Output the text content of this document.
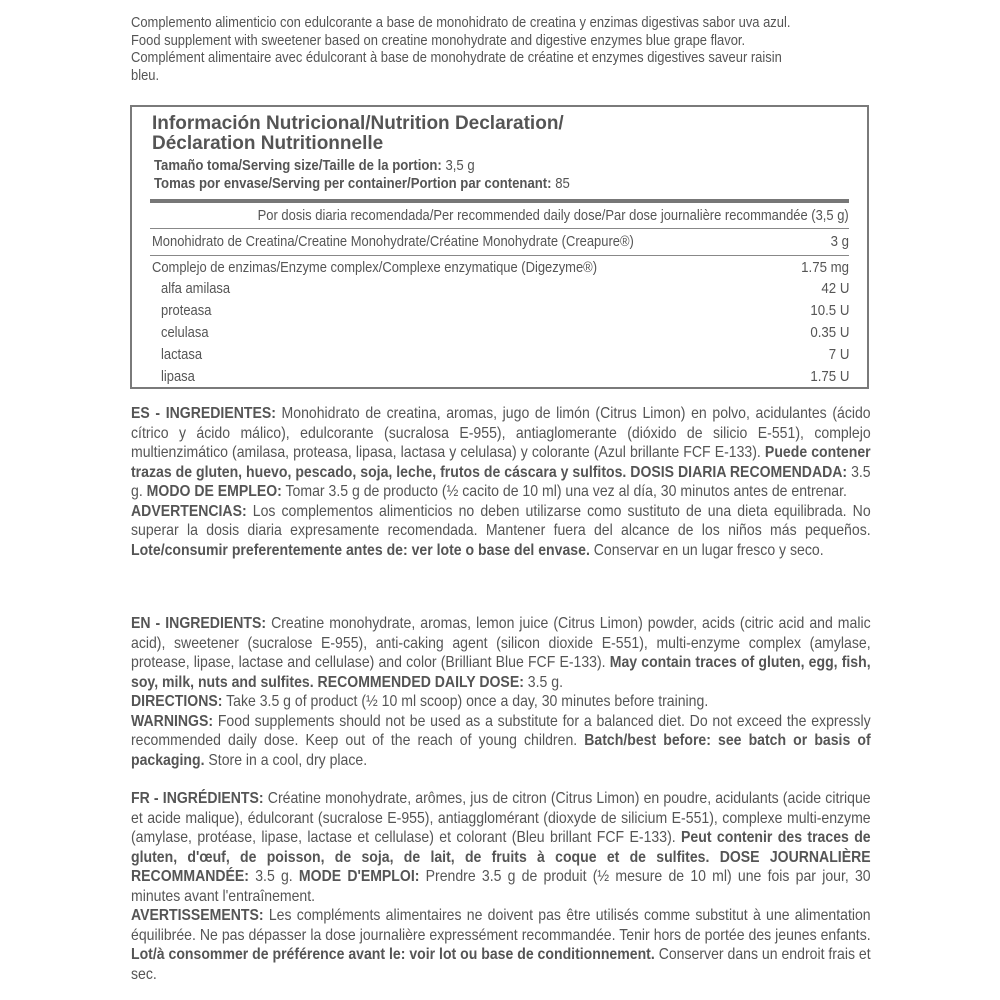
Complemento alimenticio con edulcorante a base de monohidrato de creatina y enzimas digestivas sabor uva azul.
Food supplement with sweetener based on creatine monohydrate and digestive enzymes blue grape flavor.
Complément alimentaire avec édulcorant à base de monohydrate de créatine et enzymes digestives saveur raisin
bleu.
Información Nutricional/Nutrition Declaration/
Déclaration Nutritionnelle
Tamaño toma/Serving size/Taille de la portion: 3,5 g
Tomas por envase/Serving per container/Portion par contenant: 85
Por dosis diaria recomendada/Per recommended daily dose/Par dose journalière recommandée (3,5 g)
Monohidrato de Creatina/Creatine Monohydrate/Créatine Monohydrate (Creapure®)	3 g
Complejo de enzimas/Enzyme complex/Complexe enzymatique (Digezyme®)	1.75 mg
alfa amilasa	42 U
proteasa	10.5 U
celulasa	0.35 U
lactasa	7 U
lipasa	1.75 U

ES - INGREDIENTES: Monohidrato de creatina, aromas, jugo de limón (Citrus Limon) en polvo, acidulantes (ácido cítrico y ácido málico), edulcorante (sucralosa E-955), antiaglomerante (dióxido de silicio E-551), complejo multienzimático (amilasa, proteasa, lipasa, lactasa y celulasa) y colorante (Azul brillante FCF E-133). Puede contener trazas de gluten, huevo, pescado, soja, leche, frutos de cáscara y sulfitos. DOSIS DIARIA RECOMENDADA: 3.5 g. MODO DE EMPLEO: Tomar 3.5 g de producto (½ cacito de 10 ml) una vez al día, 30 minutos antes de entrenar.

ADVERTENCIAS: Los complementos alimenticios no deben utilizarse como sustituto de una dieta equilibrada. No superar la dosis diaria expresamente recomendada. Mantener fuera del alcance de los niños más pequeños. Lote/consumir preferentemente antes de: ver lote o base del envase. Conservar en un lugar fresco y seco.

EN - INGREDIENTS: Creatine monohydrate, aromas, lemon juice (Citrus Limon) powder, acids (citric acid and malic acid), sweetener (sucralose E-955), anti-caking agent (silicon dioxide E-551), multi-enzyme complex (amylase, protease, lipase, lactase and cellulase) and color (Brilliant Blue FCF E-133). May contain traces of gluten, egg, fish, soy, milk, nuts and sulfites. RECOMMENDED DAILY DOSE: 3.5 g.

DIRECTIONS: Take 3.5 g of product (½ 10 ml scoop) once a day, 30 minutes before training.

WARNINGS: Food supplements should not be used as a substitute for a balanced diet. Do not exceed the expressly recommended daily dose. Keep out of the reach of young children. Batch/best before: see batch or basis of packaging. Store in a cool, dry place.

FR - INGRÉDIENTS: Créatine monohydrate, arômes, jus de citron (Citrus Limon) en poudre, acidulants (acide citrique et acide malique), édulcorant (sucralose E-955), antiagglomérant (dioxyde de silicium E-551), complexe multi-enzyme (amylase, protéase, lipase, lactase et cellulase) et colorant (Bleu brillant FCF E-133). Peut contenir des traces de gluten, d'œuf, de poisson, de soja, de lait, de fruits à coque et de sulfites. DOSE JOURNALIÈRE RECOMMANDÉE: 3.5 g. MODE D'EMPLOI: Prendre 3.5 g de produit (½ mesure de 10 ml) une fois par jour, 30 minutes avant l'entraînement.

AVERTISSEMENTS: Les compléments alimentaires ne doivent pas être utilisés comme substitut à une alimentation équilibrée. Ne pas dépasser la dose journalière expressément recommandée. Tenir hors de portée des jeunes enfants. Lot/à consommer de préférence avant le: voir lot ou base de conditionnement. Conserver dans un endroit frais et sec.
